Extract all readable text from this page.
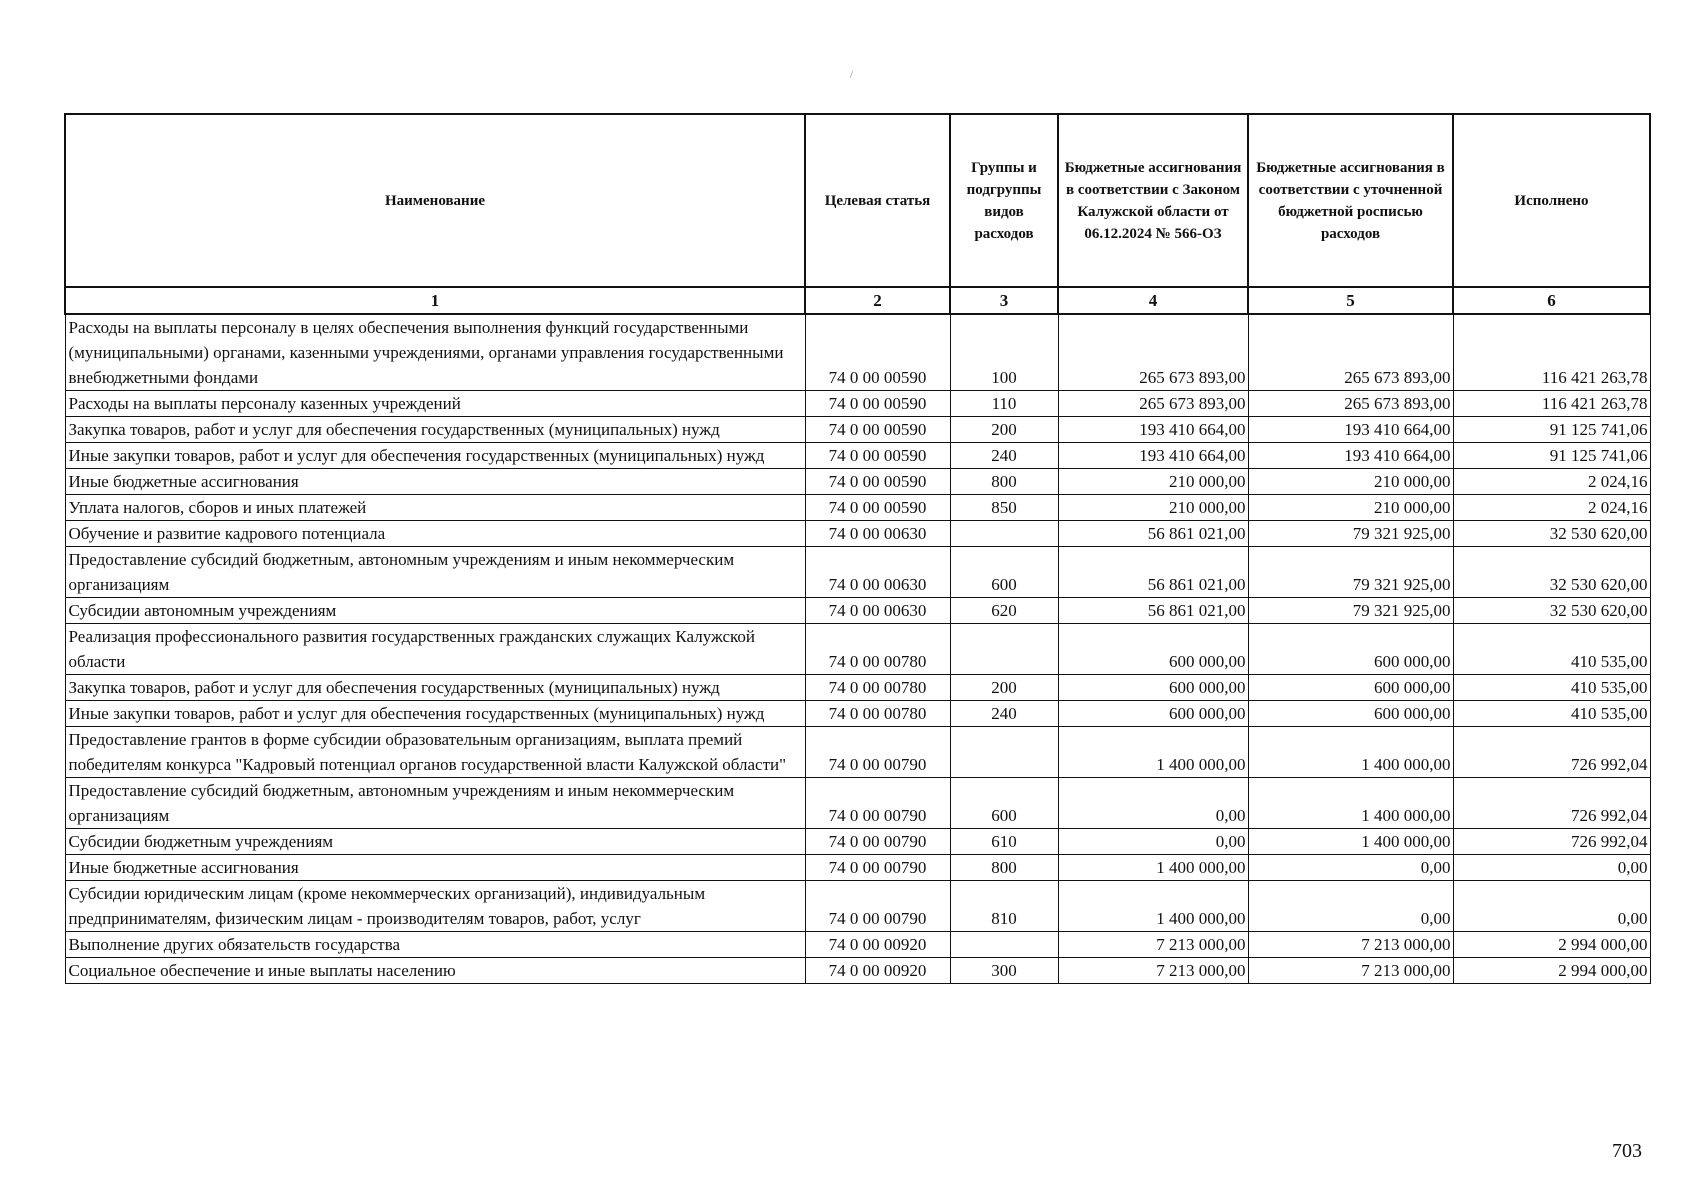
/
Наименование	Целевая статья	Группы и подгруппы видов расходов	Бюджетные ассигнования в соответствии с Законом Калужской области от 06.12.2024 № 566-ОЗ	Бюджетные ассигнования в соответствии с уточненной бюджетной росписью расходов	Исполнено
1	2	3	4	5	6
Расходы на выплаты персоналу в целях обеспечения выполнения функций государственными (муниципальными) органами, казенными учреждениями, органами управления государственными внебюджетными фондами	74 0 00 00590	100	265 673 893,00	265 673 893,00	116 421 263,78
Расходы на выплаты персоналу казенных учреждений	74 0 00 00590	110	265 673 893,00	265 673 893,00	116 421 263,78
Закупка товаров, работ и услуг для обеспечения государственных (муниципальных) нужд	74 0 00 00590	200	193 410 664,00	193 410 664,00	91 125 741,06
Иные закупки товаров, работ и услуг для обеспечения государственных (муниципальных) нужд	74 0 00 00590	240	193 410 664,00	193 410 664,00	91 125 741,06
Иные бюджетные ассигнования	74 0 00 00590	800	210 000,00	210 000,00	2 024,16
Уплата налогов, сборов и иных платежей	74 0 00 00590	850	210 000,00	210 000,00	2 024,16
Обучение и развитие кадрового потенциала	74 0 00 00630		56 861 021,00	79 321 925,00	32 530 620,00
Предоставление субсидий бюджетным, автономным учреждениям и иным некоммерческим организациям	74 0 00 00630	600	56 861 021,00	79 321 925,00	32 530 620,00
Субсидии автономным учреждениям	74 0 00 00630	620	56 861 021,00	79 321 925,00	32 530 620,00
Реализация профессионального развития государственных гражданских служащих Калужской области	74 0 00 00780		600 000,00	600 000,00	410 535,00
Закупка товаров, работ и услуг для обеспечения государственных (муниципальных) нужд	74 0 00 00780	200	600 000,00	600 000,00	410 535,00
Иные закупки товаров, работ и услуг для обеспечения государственных (муниципальных) нужд	74 0 00 00780	240	600 000,00	600 000,00	410 535,00
Предоставление грантов в форме субсидии образовательным организациям, выплата премий победителям конкурса "Кадровый потенциал органов государственной власти Калужской области"	74 0 00 00790		1 400 000,00	1 400 000,00	726 992,04
Предоставление субсидий бюджетным, автономным учреждениям и иным некоммерческим организациям	74 0 00 00790	600	0,00	1 400 000,00	726 992,04
Субсидии бюджетным учреждениям	74 0 00 00790	610	0,00	1 400 000,00	726 992,04
Иные бюджетные ассигнования	74 0 00 00790	800	1 400 000,00	0,00	0,00
Субсидии юридическим лицам (кроме некоммерческих организаций), индивидуальным предпринимателям, физическим лицам - производителям товаров, работ, услуг	74 0 00 00790	810	1 400 000,00	0,00	0,00
Выполнение других обязательств государства	74 0 00 00920		7 213 000,00	7 213 000,00	2 994 000,00
Социальное обеспечение и иные выплаты населению	74 0 00 00920	300	7 213 000,00	7 213 000,00	2 994 000,00
703
